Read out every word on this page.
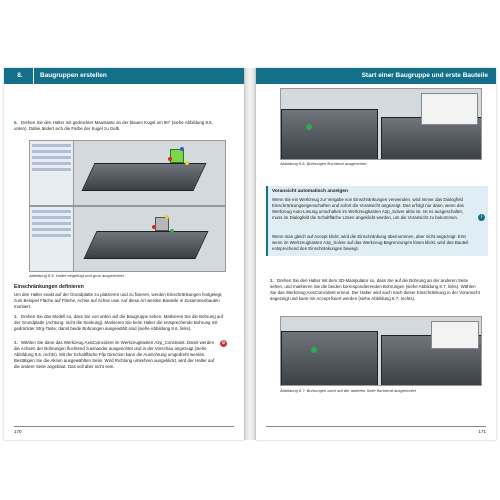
8.	Baugruppen erstellen
5. Drehen Sie den Halter mit gedrückter Maustaste an der blauen Kugel um 90° (siehe Abbildung 8.5, unten). Dabei ändert sich die Farbe der Kugel zu Gelb.
Abbildung 8.5: Halter eingefügt und grob ausgerichtet
Einschränkungen definieren
Um den Halter exakt auf der Grundplatte zu platzieren und zu fixieren, werden Einschränkungen festgelegt, zum Beispiel Fläche auf Fläche, Achse auf Achse usw. Auf diese Art werden Bauteile in Zusammenbauten montiert.
1. Drehen Sie das Modell so, dass Sie von unten auf die Baugruppe sehen. Markieren Sie die Bohrung auf der Grundplatte (Achtung: nicht die Senkung). Markieren Sie beim Halter die entsprechende Bohrung mit gedrückter Strg-Taste, damit beide Bohrungen ausgewählt sind (siehe Abbildung 8.6, links).
2. Wählen Sie dann das Werkzeug AxisCoincident im Werkzeugkasten A2p_Constraint. Damit werden die Achsen der Bohrungen fluchtend zueinander ausgerichtet und in der Vorschau angezeigt (siehe Abbildung 8.6, rechts). Mit der Schaltfläche Flip Direction kann die Ausrichtung umgedreht werden. Bestätigen Sie die Aktion ausgewählten Seite. Wird Richtung umkehren ausgeklickt, wird der Halter auf die andere Seite angebaut. Das soll aber nicht sein.
⚙
170
Start einer Baugruppe und erste Bauteile
Abbildung 8.6: Bohrungen fluchtend ausgerichtet
Voransicht automatisch anzeigen
Wenn Sie ein Werkzeug zur Vergabe von Einschränkungen verwenden, wird immer das Dialogfeld Einschränkungseigenschaften und sofort die Voransicht angezeigt. Das erfolgt nur dann, wenn das Werkzeug Auto-Lösung umschalten im Werkzeugkasten A2p_Solver aktiv ist. Ist es ausgeschaltet, muss im Dialogfeld die Schaltfläche Lösen angeklickt werden, um die Voransicht zu bekommen.
Wenn man gleich auf Accept klickt, wird die Einschränkung übernommen, aber nicht angezeigt. Erst wenn im Werkzeugkasten A2p_Solver auf das Werkzeug Begrenzungen lösen klickt, wird das Bauteil entsprechend den Einschränkungen bewegt.
i
3. Drehen Sie den Halter mit dem 3D-Manipulator so, dass Sie auf die Bohrung an der anderen Seite sehen, und markieren Sie die beiden korrespondierenden Bohrungen (siehe Abbildung 8.7, links). Wählen Sie das Werkzeug AxisCoincident erneut. Der Halter wird auch nach dieser Einschränkung in der Voransicht angezeigt und kann mit Accept fixiert werden (siehe Abbildung 8.7, rechts).
Abbildung 8.7: Bohrungen auch auf der anderen Seite fluchtend ausgerichtet
171
